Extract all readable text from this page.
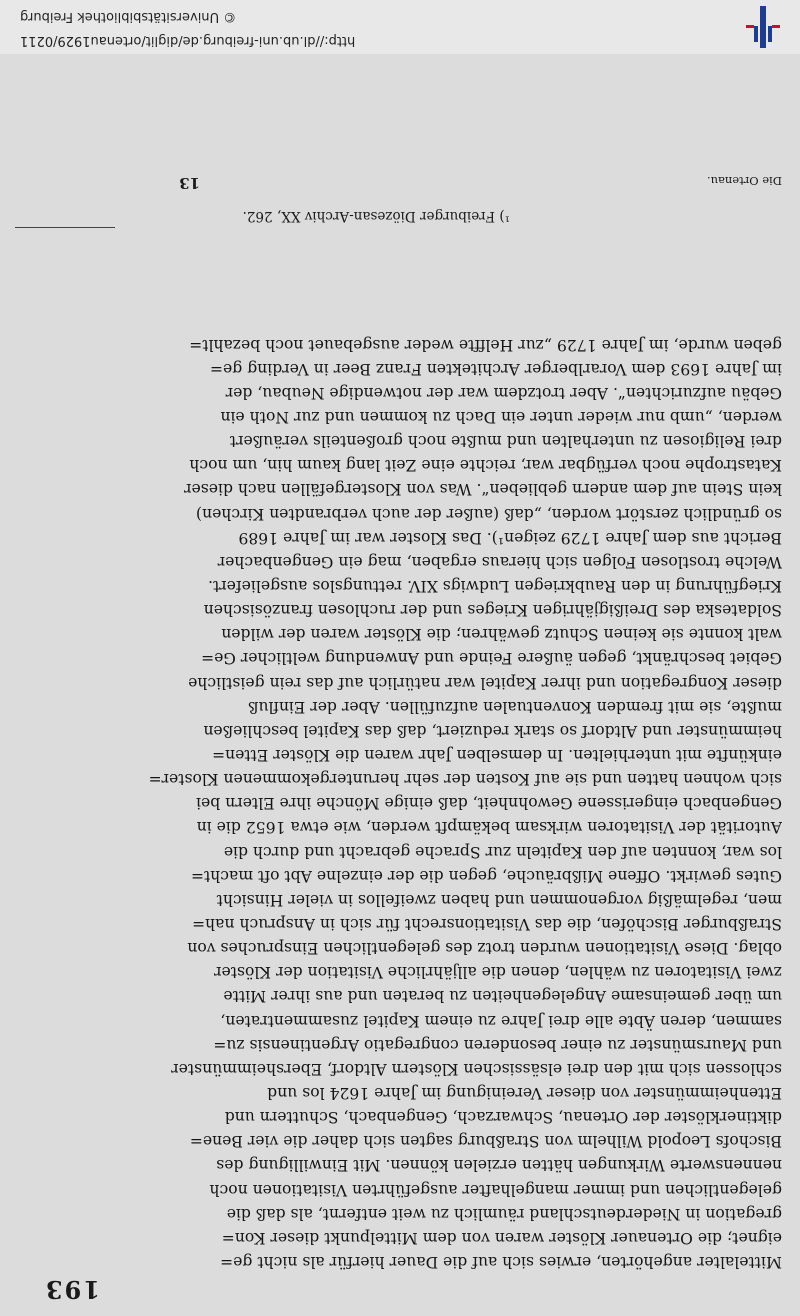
193
Mittelalter angehörten, erwies sich auf die Dauer hierfür als nicht ge=
eignet; die Ortenauer Klöster waren von dem Mittelpunkt dieser Kon=
gregation in Niederdeutschland räumlich zu weit entfernt, als daß die
gelegentlichen und immer mangelhafter ausgeführten Visitationen noch
nennenswerte Wirkungen hätten erzielen können. Mit Einwilligung des
Bischofs Leopold Wilhelm von Straßburg sagten sich daher die vier Bene=
diktinerklöster der Ortenau, Schwarzach, Gengenbach, Schuttern und
Ettenheimmünster von dieser Vereinigung im Jahre 1624 los und
schlossen sich mit den drei elsässischen Klöstern Altdorf, Ebersheimmünster
und Maursmünster zu einer besonderen congregatio Argentinensis zu=
sammen, deren Äbte alle drei Jahre zu einem Kapitel zusammentraten,
um über gemeinsame Angelegenheiten zu beraten und aus ihrer Mitte
zwei Visitatoren zu wählen, denen die alljährliche Visitation der Klöster
oblag. Diese Visitationen wurden trotz des gelegentlichen Einspruches von
Straßburger Bischöfen, die das Visitationsrecht für sich in Anspruch nah=
men, regelmäßig vorgenommen und haben zweifellos in vieler Hinsicht
Gutes gewirkt. Offene Mißbräuche, gegen die der einzelne Abt oft macht=
los war, konnten auf den Kapiteln zur Sprache gebracht und durch die
Autorität der Visitatoren wirksam bekämpft werden, wie etwa 1652 die in
Gengenbach eingerissene Gewohnheit, daß einige Mönche ihre Eltern bei
sich wohnen hatten und sie auf Kosten der sehr heruntergekommenen Kloster=
einkünfte mit unterhielten. In demselben Jahr waren die Klöster Etten=
heimmünster und Altdorf so stark reduziert, daß das Kapitel beschließen
mußte, sie mit fremden Konventualen aufzufüllen. Aber der Einfluß
dieser Kongregation und ihrer Kapitel war natürlich auf das rein geistliche
Gebiet beschränkt, gegen äußere Feinde und Anwendung weltlicher Ge=
walt konnte sie keinen Schutz gewähren; die Klöster waren der wilden
Soldateska des Dreißigjährigen Krieges und der ruchlosen französischen
Kriegführung in den Raubkriegen Ludwigs XIV. rettungslos ausgeliefert.
Welche trostlosen Folgen sich hieraus ergaben, mag ein Gengenbacher
Bericht aus dem Jahre 1729 zeigen¹). Das Kloster war im Jahre 1689
so gründlich zerstört worden, „daß (außer der auch verbrandten Kirchen)
kein Stein auf dem andern geblieben“. Was von Klostergefällen nach dieser
Katastrophe noch verfügbar war, reichte eine Zeit lang kaum hin, um noch
drei Religiosen zu unterhalten und mußte noch großenteils veräußert
werden, „umb nur wieder unter ein Dach zu kommen und zur Noth ein
Gebäu aufzurichten“. Aber trotzdem war der notwendige Neubau, der
im Jahre 1693 dem Vorarlberger Architekten Franz Beer in Verding ge=
geben wurde, im Jahre 1729 „zur Helffte weder ausgebauet noch bezahlt=
¹) Freiburger Diözesan-Archiv XX, 262.
Die Ortenau.
13
http://dl.ub.uni-freiburg.de/diglit/ortenau1929/0211
© Universitätsbibliothek Freiburg
